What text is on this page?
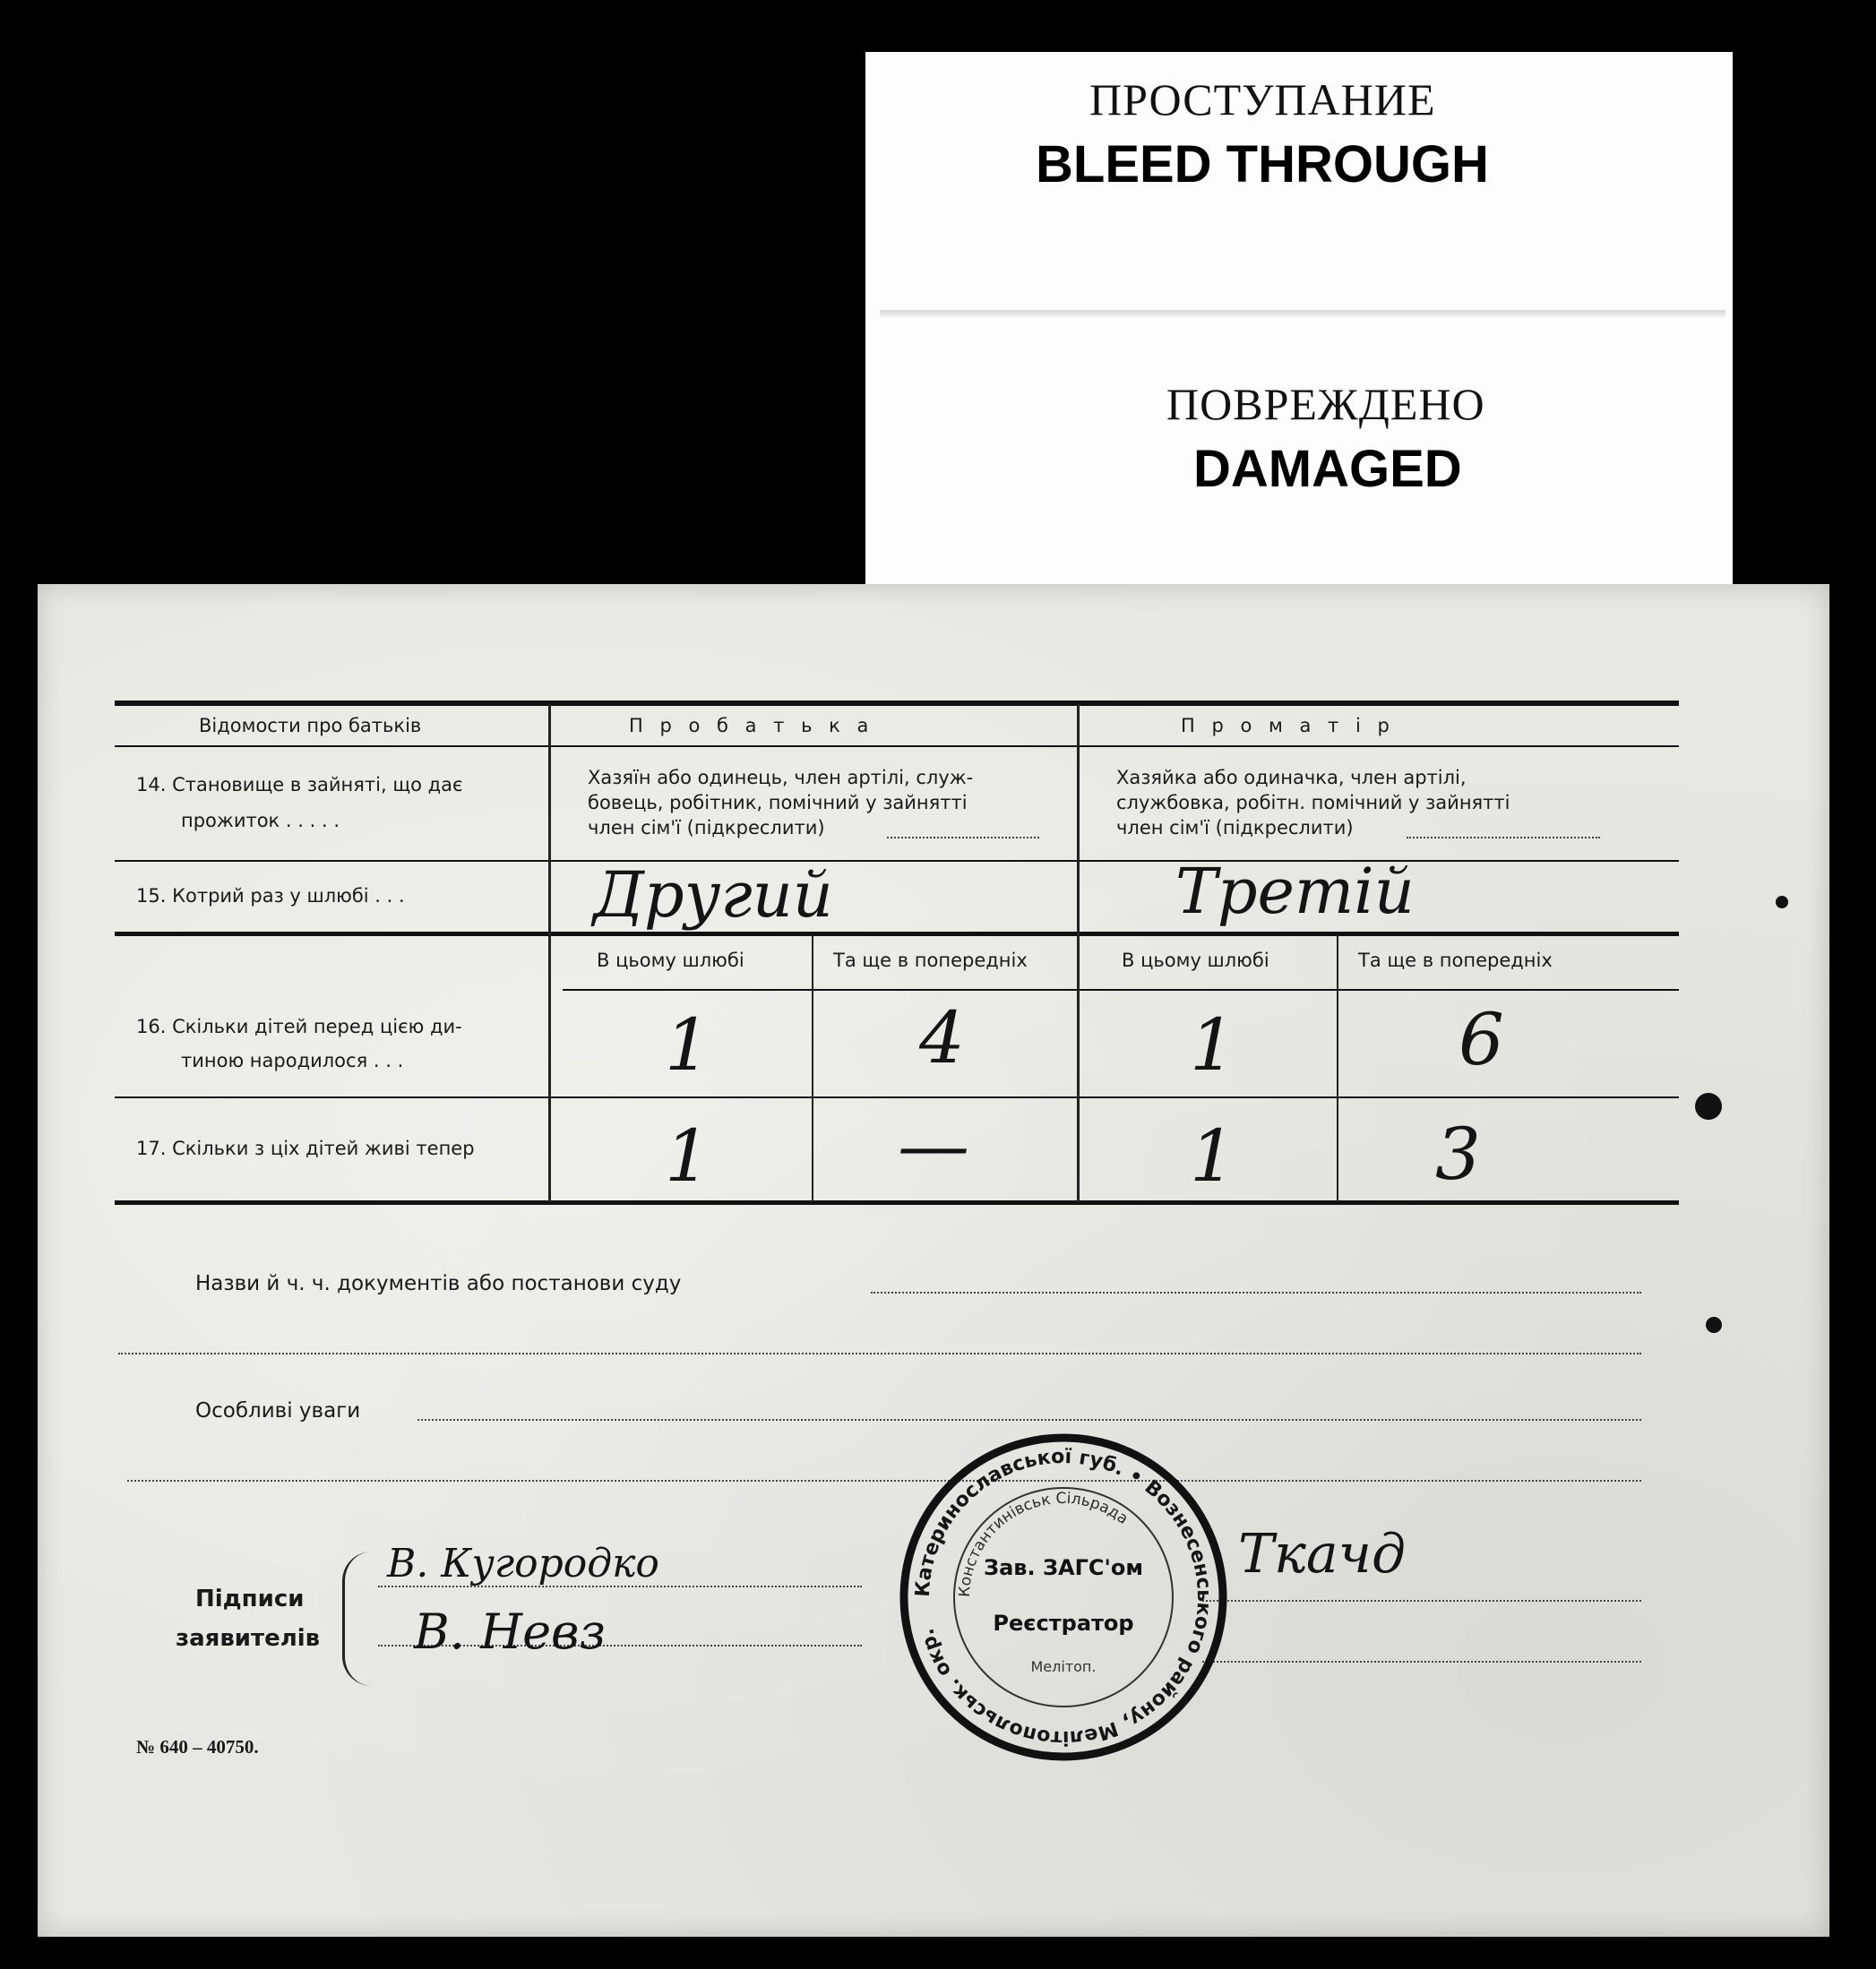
ПРОСТУПАНИЕ
BLEED THROUGH
ПОВРЕЖДЕНО
DAMAGED
Відомости про батьків	П р о б а т ь к а	П р о м а т і р
14. Становище в зайняті, що дає
прожиток . . . . .
Хазяїн або одинець, член артілі, служ-
бовець, робітник, помічний у зайнятті
член сім'ї (підкреслити)
Хазяйка або одиначка, член артілі,
службовка, робітн. помічний у зайнятті
член сім'ї (підкреслити)
15. Котрий раз у шлюбі . . .	Другий	Третій
В цьому шлюбі	Та ще в попередніх	В цьому шлюбі	Та ще в попередніх
16. Скільки дітей перед цією ди-
тиною народилося . . .	1	4	1	6
17. Скільки з ціх дітей живі тепер	1	—	1	3
Назви й ч. ч. документів або постанови суду
Особливі уваги
Підписи
заявителів
В. Кугородко
В. Невз
Ткачд
Катеринославської губ. • Вознесенського району, Мелітопольськ. окр.
Константинівськ Сільрада
Зав. ЗАГС'ом
Реєстратор
Мелітоп.
№ 640 – 40750.
